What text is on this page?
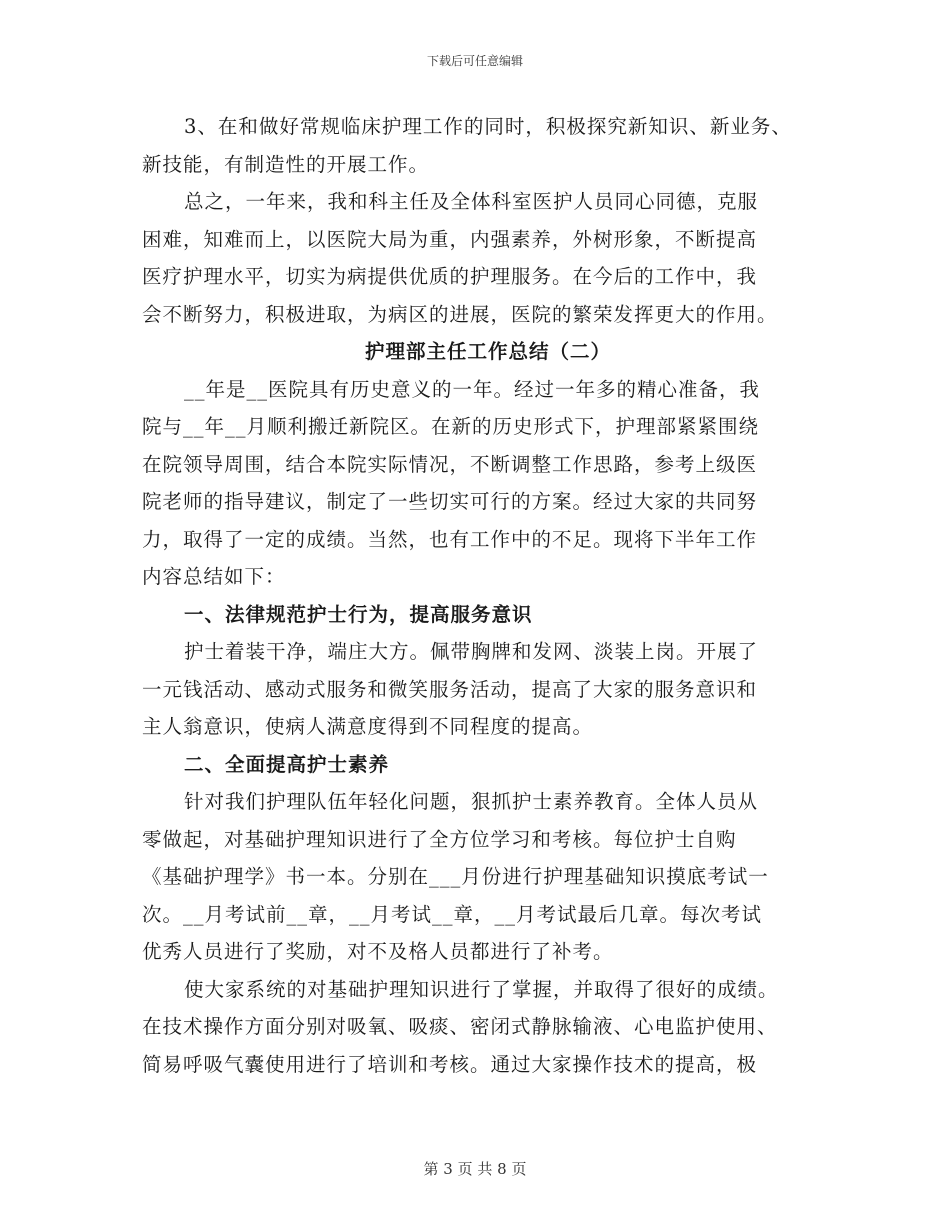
下载后可任意编辑
3、在和做好常规临床护理工作的同时，积极探究新知识、新业务、
新技能，有制造性的开展工作。
总之，一年来，我和科主任及全体科室医护人员同心同德，克服
困难，知难而上，以医院大局为重，内强素养，外树形象，不断提高
医疗护理水平，切实为病提供优质的护理服务。在今后的工作中，我
会不断努力，积极进取，为病区的进展，医院的繁荣发挥更大的作用。
护理部主任工作总结（二）
__年是__医院具有历史意义的一年。经过一年多的精心准备，我
院与__年__月顺利搬迁新院区。在新的历史形式下，护理部紧紧围绕
在院领导周围，结合本院实际情况，不断调整工作思路，参考上级医
院老师的指导建议，制定了一些切实可行的方案。经过大家的共同努
力，取得了一定的成绩。当然，也有工作中的不足。现将下半年工作
内容总结如下：
一、法律规范护士行为，提高服务意识
护士着装干净，端庄大方。佩带胸牌和发网、淡装上岗。开展了
一元钱活动、感动式服务和微笑服务活动，提高了大家的服务意识和
主人翁意识，使病人满意度得到不同程度的提高。
二、全面提高护士素养
针对我们护理队伍年轻化问题，狠抓护士素养教育。全体人员从
零做起，对基础护理知识进行了全方位学习和考核。每位护士自购
《基础护理学》书一本。分别在___月份进行护理基础知识摸底考试一
次。__月考试前__章，__月考试__章，__月考试最后几章。每次考试
优秀人员进行了奖励，对不及格人员都进行了补考。
使大家系统的对基础护理知识进行了掌握，并取得了很好的成绩。
在技术操作方面分别对吸氧、吸痰、密闭式静脉输液、心电监护使用、
简易呼吸气囊使用进行了培训和考核。通过大家操作技术的提高，极
第 3 页 共 8 页
